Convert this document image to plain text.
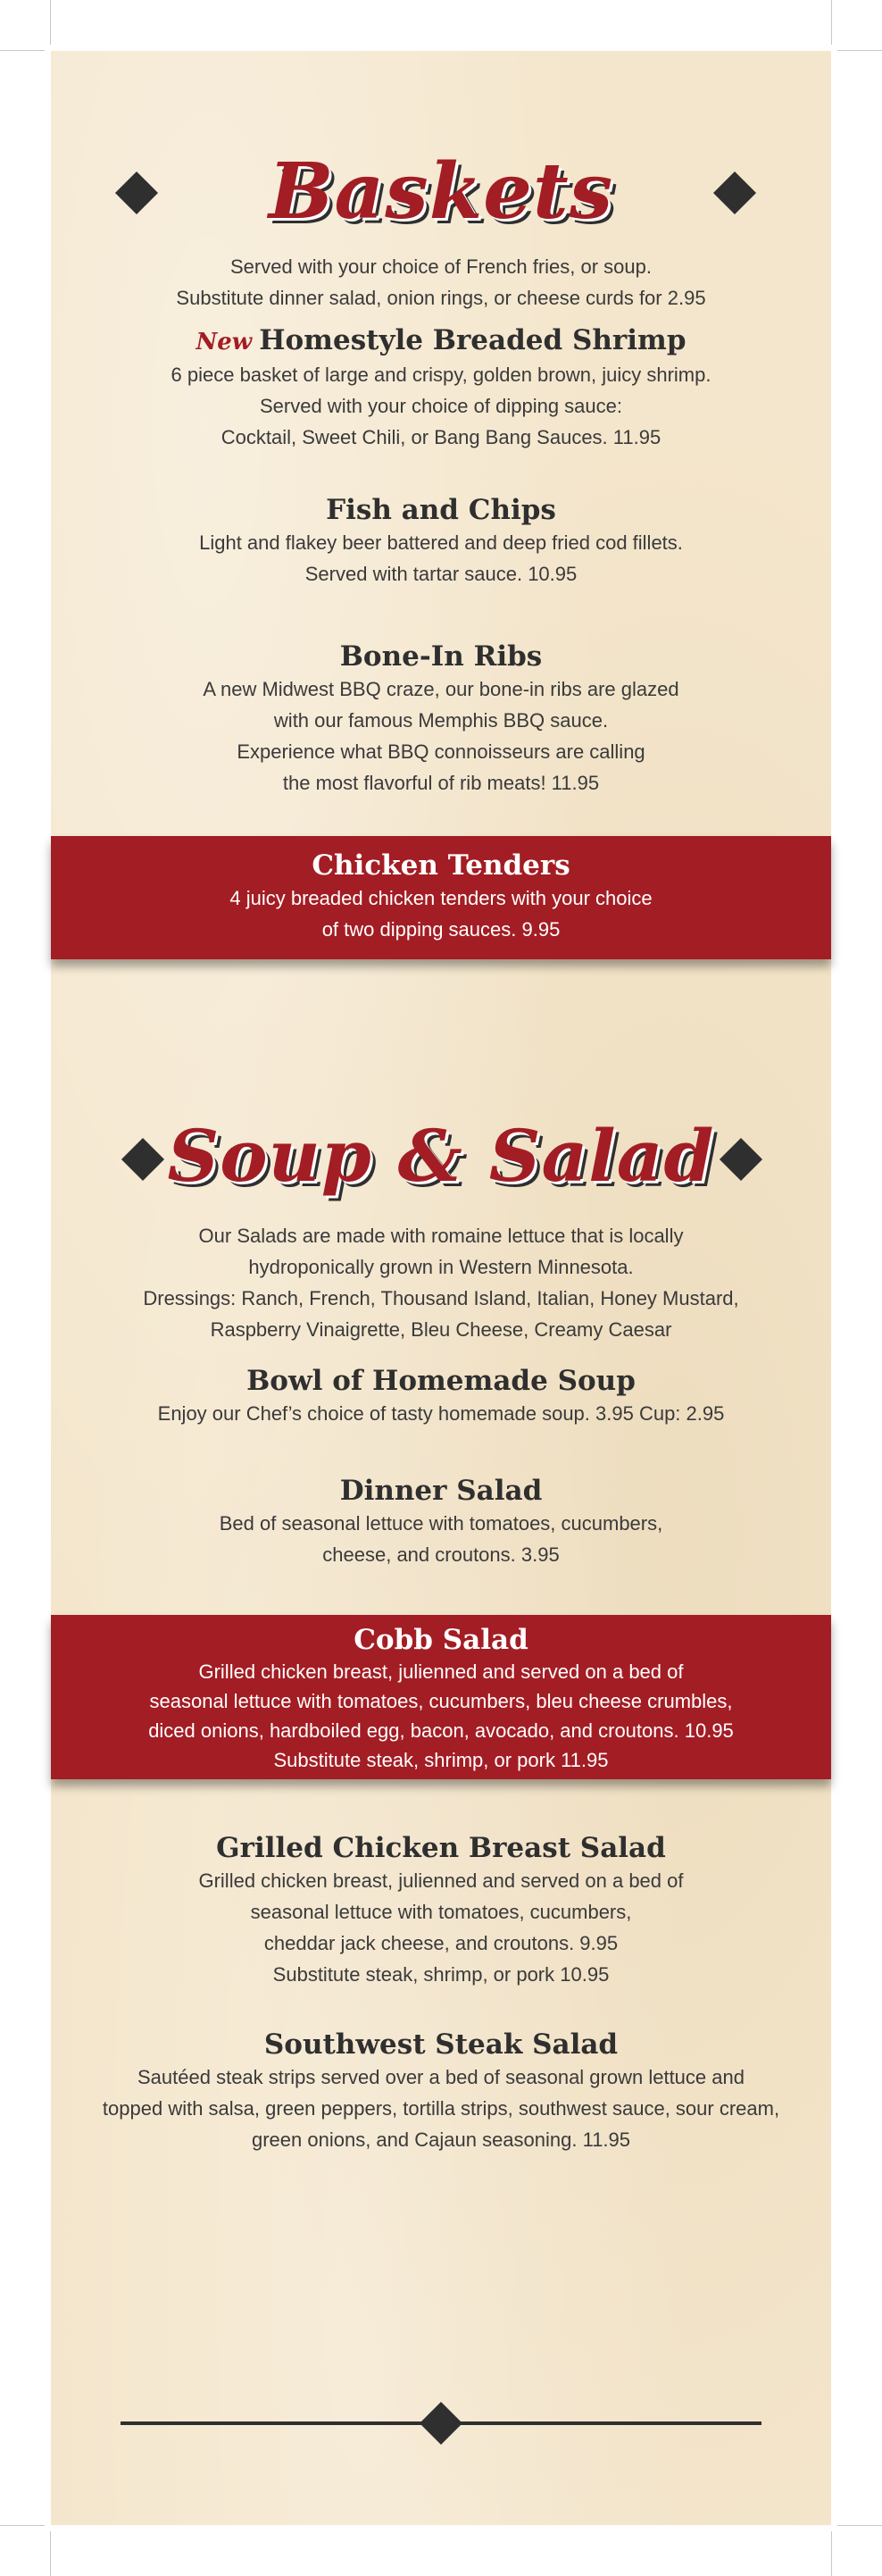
Baskets

Served with your choice of French fries, or soup.

Substitute dinner salad, onion rings, or cheese curds for 2.95

New Homestyle Breaded Shrimp

6 piece basket of large and crispy, golden brown, juicy shrimp.

Served with your choice of dipping sauce:

Cocktail, Sweet Chili, or Bang Bang Sauces. 11.95

Fish and Chips

Light and flakey beer battered and deep fried cod fillets.

Served with tartar sauce. 10.95

Bone-In Ribs

A new Midwest BBQ craze, our bone-in ribs are glazed

with our famous Memphis BBQ sauce.

Experience what BBQ connoisseurs are calling

the most flavorful of rib meats! 11.95

Chicken Tenders

4 juicy breaded chicken tenders with your choice

of two dipping sauces. 9.95

Soup & Salad

Our Salads are made with romaine lettuce that is locally

hydroponically grown in Western Minnesota.

Dressings: Ranch, French, Thousand Island, Italian, Honey Mustard,

Raspberry Vinaigrette, Bleu Cheese, Creamy Caesar

Bowl of Homemade Soup

Enjoy our Chef’s choice of tasty homemade soup. 3.95 Cup: 2.95

Dinner Salad

Bed of seasonal lettuce with tomatoes, cucumbers,

cheese, and croutons. 3.95

Cobb Salad

Grilled chicken breast, julienned and served on a bed of

seasonal lettuce with tomatoes, cucumbers, bleu cheese crumbles,

diced onions, hardboiled egg, bacon, avocado, and croutons. 10.95

Substitute steak, shrimp, or pork 11.95

Grilled Chicken Breast Salad

Grilled chicken breast, julienned and served on a bed of

seasonal lettuce with tomatoes, cucumbers,

cheddar jack cheese, and croutons. 9.95

Substitute steak, shrimp, or pork 10.95

Southwest Steak Salad

Sautéed steak strips served over a bed of seasonal grown lettuce and

topped with salsa, green peppers, tortilla strips, southwest sauce, sour cream,

green onions, and Cajaun seasoning. 11.95
